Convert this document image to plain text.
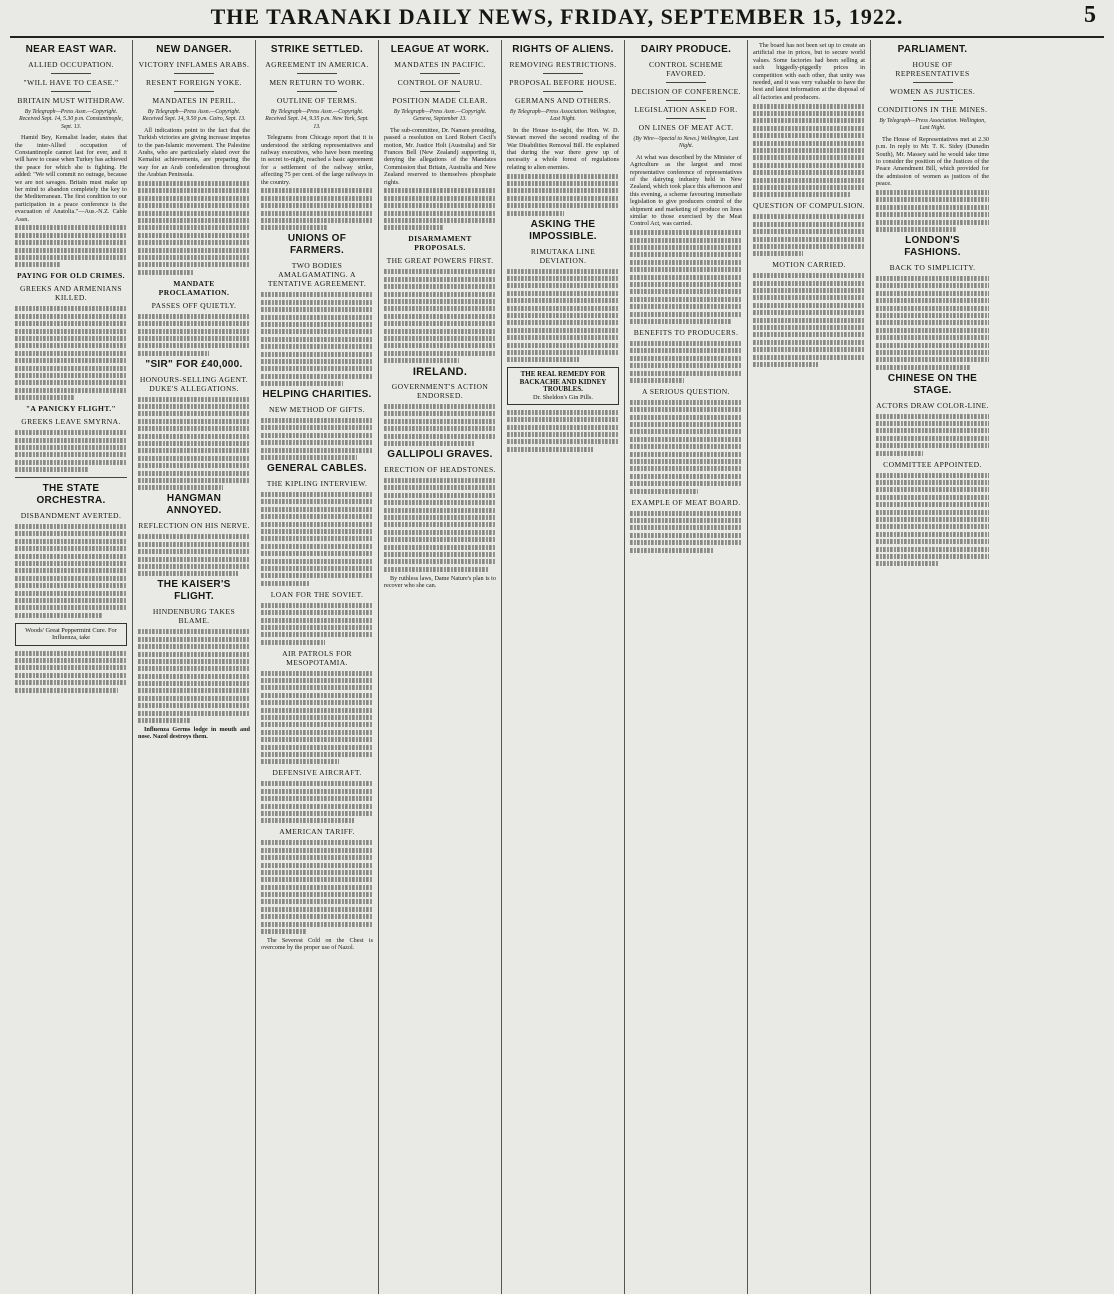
THE TARANAKI DAILY NEWS, FRIDAY, SEPTEMBER 15, 1922.	5
NEAR EAST WAR.
ALLIED OCCUPATION.
"WILL HAVE TO CEASE."
BRITAIN MUST WITHDRAW.
By Telegraph—Press Assn.—Copyright. Received Sept. 14, 5.30 p.m. Constantinople, Sept. 13.

Hamid Bey, Kemalist leader, states that the inter-Allied occupation of Constantinople cannot last for ever, and it will have to cease when Turkey has achieved the peace for which she is fighting. He added: "We will commit no outrage, because we are not savages. Britain must make up her mind to abandon completely the key to the Mediterranean. The first condition to our participation in a peace conference is the evacuation of Anatolia."—Aus.-N.Z. Cable Assn.

PAYING FOR OLD CRIMES.
GREEKS AND ARMENIANS KILLED.
"A PANICKY FLIGHT."
GREEKS LEAVE SMYRNA.
THE STATE ORCHESTRA.
DISBANDMENT AVERTED.
Woods' Great Peppermint Cure. For Influenza, take
NEW DANGER.
VICTORY INFLAMES ARABS.
RESENT FOREIGN YOKE.
MANDATES IN PERIL.
By Telegraph—Press Assn.—Copyright. Received Sept. 14, 9.50 p.m. Cairo, Sept. 13.

All indications point to the fact that the Turkish victories are giving increase impetus to the pan-Islamic movement. The Palestine Arabs, who are particularly elated over the Kemalist achievements, are preparing the way for an Arab confederation throughout the Arabian Peninsula.

MANDATE PROCLAMATION.
PASSES OFF QUIETLY.
"SIR" FOR £40,000.
HONOURS-SELLING AGENT. DUKE'S ALLEGATIONS.
HANGMAN ANNOYED.
REFLECTION ON HIS NERVE.
THE KAISER'S FLIGHT.
HINDENBURG TAKES BLAME.

Influenza Germs lodge in mouth and nose. Nazol destroys them.

STRIKE SETTLED.
AGREEMENT IN AMERICA.
MEN RETURN TO WORK.
OUTLINE OF TERMS.
By Telegraph—Press Assn.—Copyright. Received Sept. 14, 9.35 p.m. New York, Sept. 13.

Telegrams from Chicago report that it is understood the striking representatives and railway executives, who have been meeting in secret to-night, reached a basic agreement for a settlement of the railway strike, affecting 75 per cent. of the large railways in the country.

UNIONS OF FARMERS.
TWO BODIES AMALGAMATING. A TENTATIVE AGREEMENT.
HELPING CHARITIES.
NEW METHOD OF GIFTS.
GENERAL CABLES.
THE KIPLING INTERVIEW.
LOAN FOR THE SOVIET.
AIR PATROLS FOR MESOPOTAMIA.
DEFENSIVE AIRCRAFT.
AMERICAN TARIFF.

The Severest Cold on the Chest is overcome by the proper use of Nazol.

LEAGUE AT WORK.
MANDATES IN PACIFIC.
CONTROL OF NAURU.
POSITION MADE CLEAR.
By Telegraph—Press Assn.—Copyright. Geneva, September 13.

The sub-committee, Dr. Nansen presiding, passed a resolution on Lord Robert Cecil's motion, Mr. Justice Holt (Australia) and Sir Frances Bell (New Zealand) supporting it, denying the allegations of the Mandates Commission that Britain, Australia and New Zealand reserved to themselves phosphate rights.

DISARMAMENT PROPOSALS.
THE GREAT POWERS FIRST.
IRELAND.
GOVERNMENT'S ACTION ENDORSED.
GALLIPOLI GRAVES.
ERECTION OF HEADSTONES.

By ruthless laws, Dame Nature's plan is to recover who she can.

RIGHTS OF ALIENS.
REMOVING RESTRICTIONS.
PROPOSAL BEFORE HOUSE.
GERMANS AND OTHERS.
By Telegraph—Press Association. Wellington, Last Night.

In the House to-night, the Hon. W. D. Stewart moved the second reading of the War Disabilities Removal Bill. He explained that during the war there grew up of necessity a whole forest of regulations relating to alien enemies.

ASKING THE IMPOSSIBLE.
RIMUTAKA LINE DEVIATION.
THE REAL REMEDY FOR BACKACHE AND KIDNEY TROUBLES.
Dr. Sheldon's Gin Pills.
DAIRY PRODUCE.
CONTROL SCHEME FAVORED.
DECISION OF CONFERENCE.
LEGISLATION ASKED FOR.
ON LINES OF MEAT ACT.
(By Wire—Special to News.) Wellington, Last Night.

At what was described by the Minister of Agriculture as the largest and most representative conference of representatives of the dairying industry held in New Zealand, which took place this afternoon and this evening, a scheme favouring immediate legislation to give producers control of the shipment and marketing of produce on lines similar to those exercised by the Meat Control Act, was carried.

BENEFITS TO PRODUCERS.
A SERIOUS QUESTION.
EXAMPLE OF MEAT BOARD.

The board has not been set up to create an artificial rise in prices, but to secure world values. Some factories had been selling at such higgedly-piggedly prices in competition with each other, that unity was needed, and it was very valuable to have the best and latest information at the disposal of all factories and producers.

QUESTION OF COMPULSION.
MOTION CARRIED.
PARLIAMENT.
HOUSE OF REPRESENTATIVES
WOMEN AS JUSTICES.
CONDITIONS IN THE MINES.
By Telegraph—Press Association. Wellington, Last Night.

The House of Representatives met at 2.30 p.m. In reply to Mr. T. K. Sidey (Dunedin South), Mr. Massey said he would take time to consider the position of the Justices of the Peace Amendment Bill, which provided for the admission of women as justices of the peace.

LONDON'S FASHIONS.
BACK TO SIMPLICITY.
CHINESE ON THE STAGE.
ACTORS DRAW COLOR-LINE.
COMMITTEE APPOINTED.
